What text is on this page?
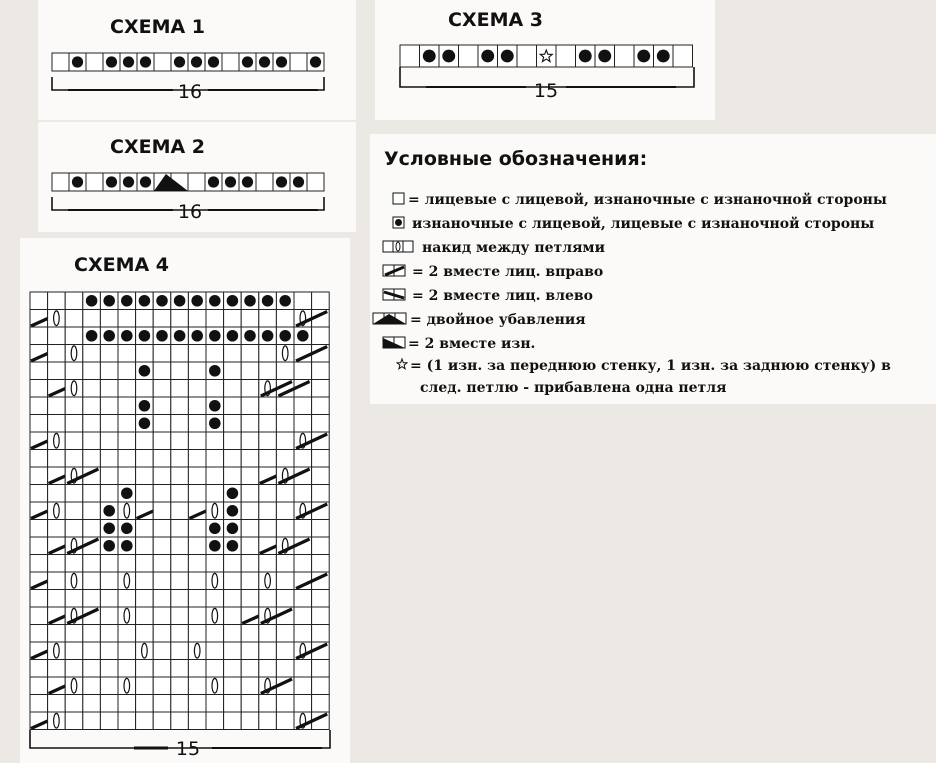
СХЕМА 1
СХЕМА 2
СХЕМА 3
СХЕМА 4
16
16
15
15
Условные обозначения:
= лицевые с лицевой, изнаночные с изнаночной стороны
изнаночные с лицевой, лицевые с изнаночной стороны
накид между петлями
= 2 вместе лиц. вправо
= 2 вместе лиц. влево
= двойное убавления
= 2 вместе изн.
= (1 изн. за переднюю стенку, 1 изн. за заднюю стенку) в
след. петлю - прибавлена одна петля
